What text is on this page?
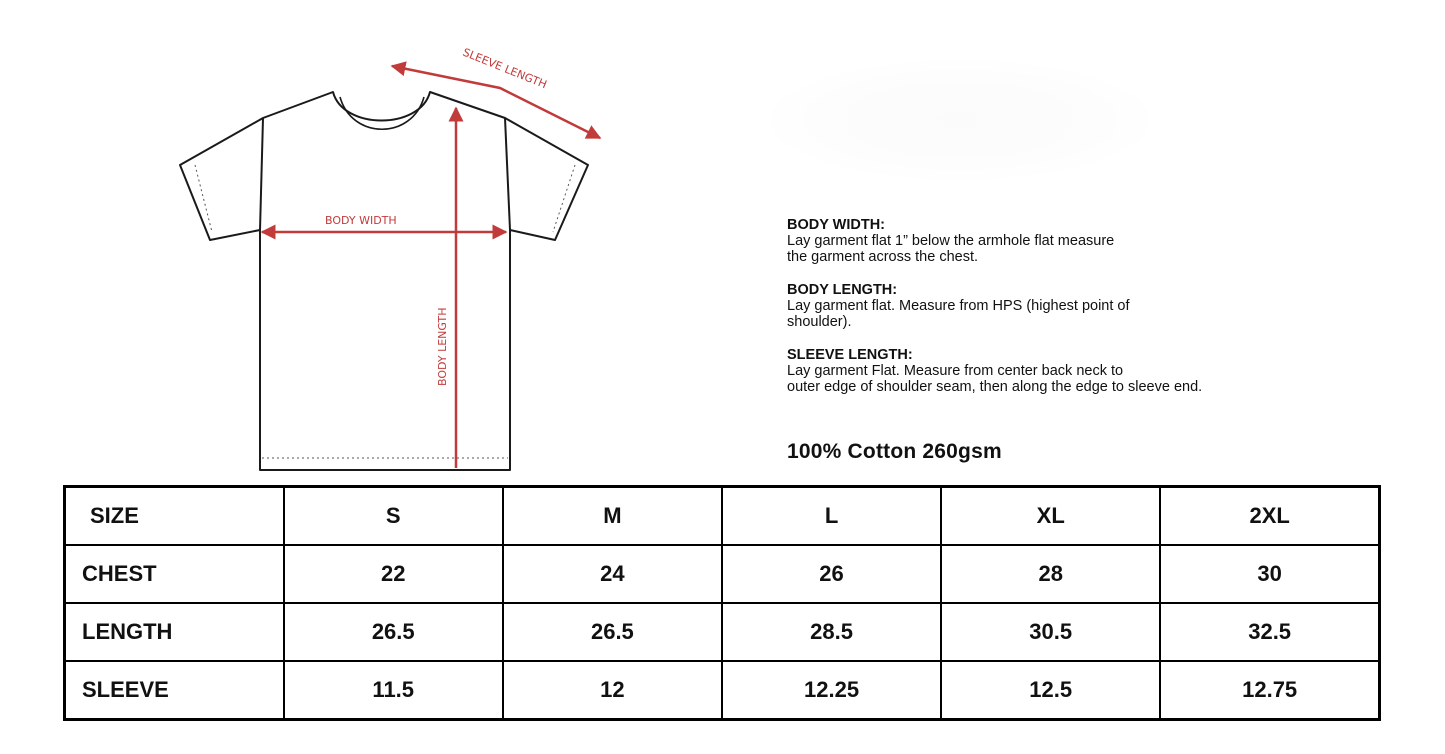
SLEEVE LENGTH
BODY WIDTH
BODY LENGTH
BODY WIDTH:
Lay garment flat 1” below the armhole flat measure
the garment across the chest.
BODY LENGTH:
Lay garment flat. Measure from HPS (highest point of
shoulder).
SLEEVE LENGTH:
Lay garment Flat. Measure from center back neck to
outer edge of shoulder seam, then along the edge to sleeve end.
100% Cotton 260gsm
SIZE	S	M	L	XL	2XL
CHEST	22	24	26	28	30
LENGTH	26.5	26.5	28.5	30.5	32.5
SLEEVE	11.5	12	12.25	12.5	12.75
